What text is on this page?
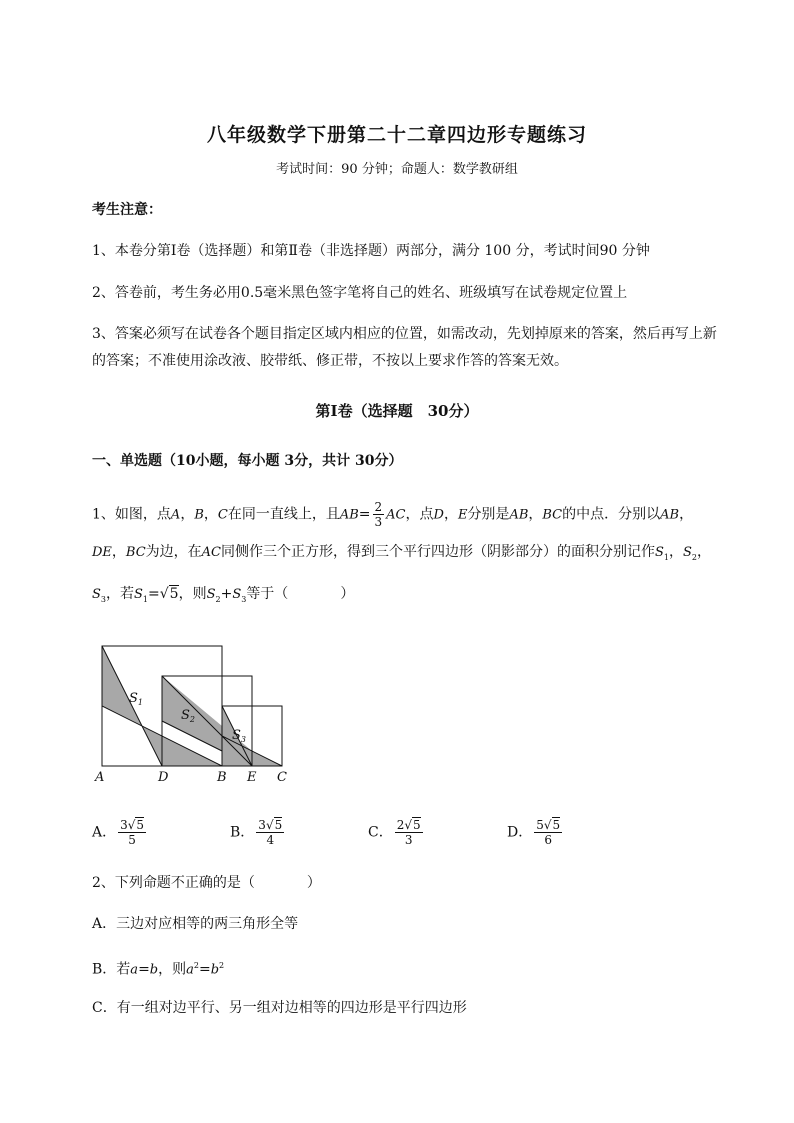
八年级数学下册第二十二章四边形专题练习
考试时间：90 分钟；命题人：数学教研组
考生注意：
1、本卷分第Ⅰ卷（选择题）和第Ⅱ卷（非选择题）两部分，满分 100 分，考试时间90 分钟
2、答卷前，考生务必用0.5毫米黑色签字笔将自己的姓名、班级填写在试卷规定位置上
3、答案必须写在试卷各个题目指定区域内相应的位置，如需改动，先划掉原来的答案，然后再写上新
的答案；不准使用涂改液、胶带纸、修正带，不按以上要求作答的答案无效。
第Ⅰ卷（选择题　30分）
一、单选题（10小题，每小题 3分，共计 30分）
1、如图，点A，B，C在同一直线上，且$AB= \frac{2}{3}$ AC，点D，E分别是AB，BC的中点．分别以AB，
DE，BC为边，在AC同侧作三个正方形，得到三个平行四边形（阴影部分）的面积分别记作$S_1$，$S_2$，
$S_3$，若$S_1=√5$，则$S_2+S_3$等于（	）
$S_1$
$S_2$
$S_3$
A	D	B E C
A． $\frac{3√5}{5}$	B． $\frac{3√5}{4}$	C． $\frac{2√5}{3}$	D． $\frac{5√5}{6}$
2、下列命题不正确的是（	）
A．三边对应相等的两三角形全等
B．若a=b，则$a^2=b^2$
C．有一组对边平行、另一组对边相等的四边形是平行四边形
